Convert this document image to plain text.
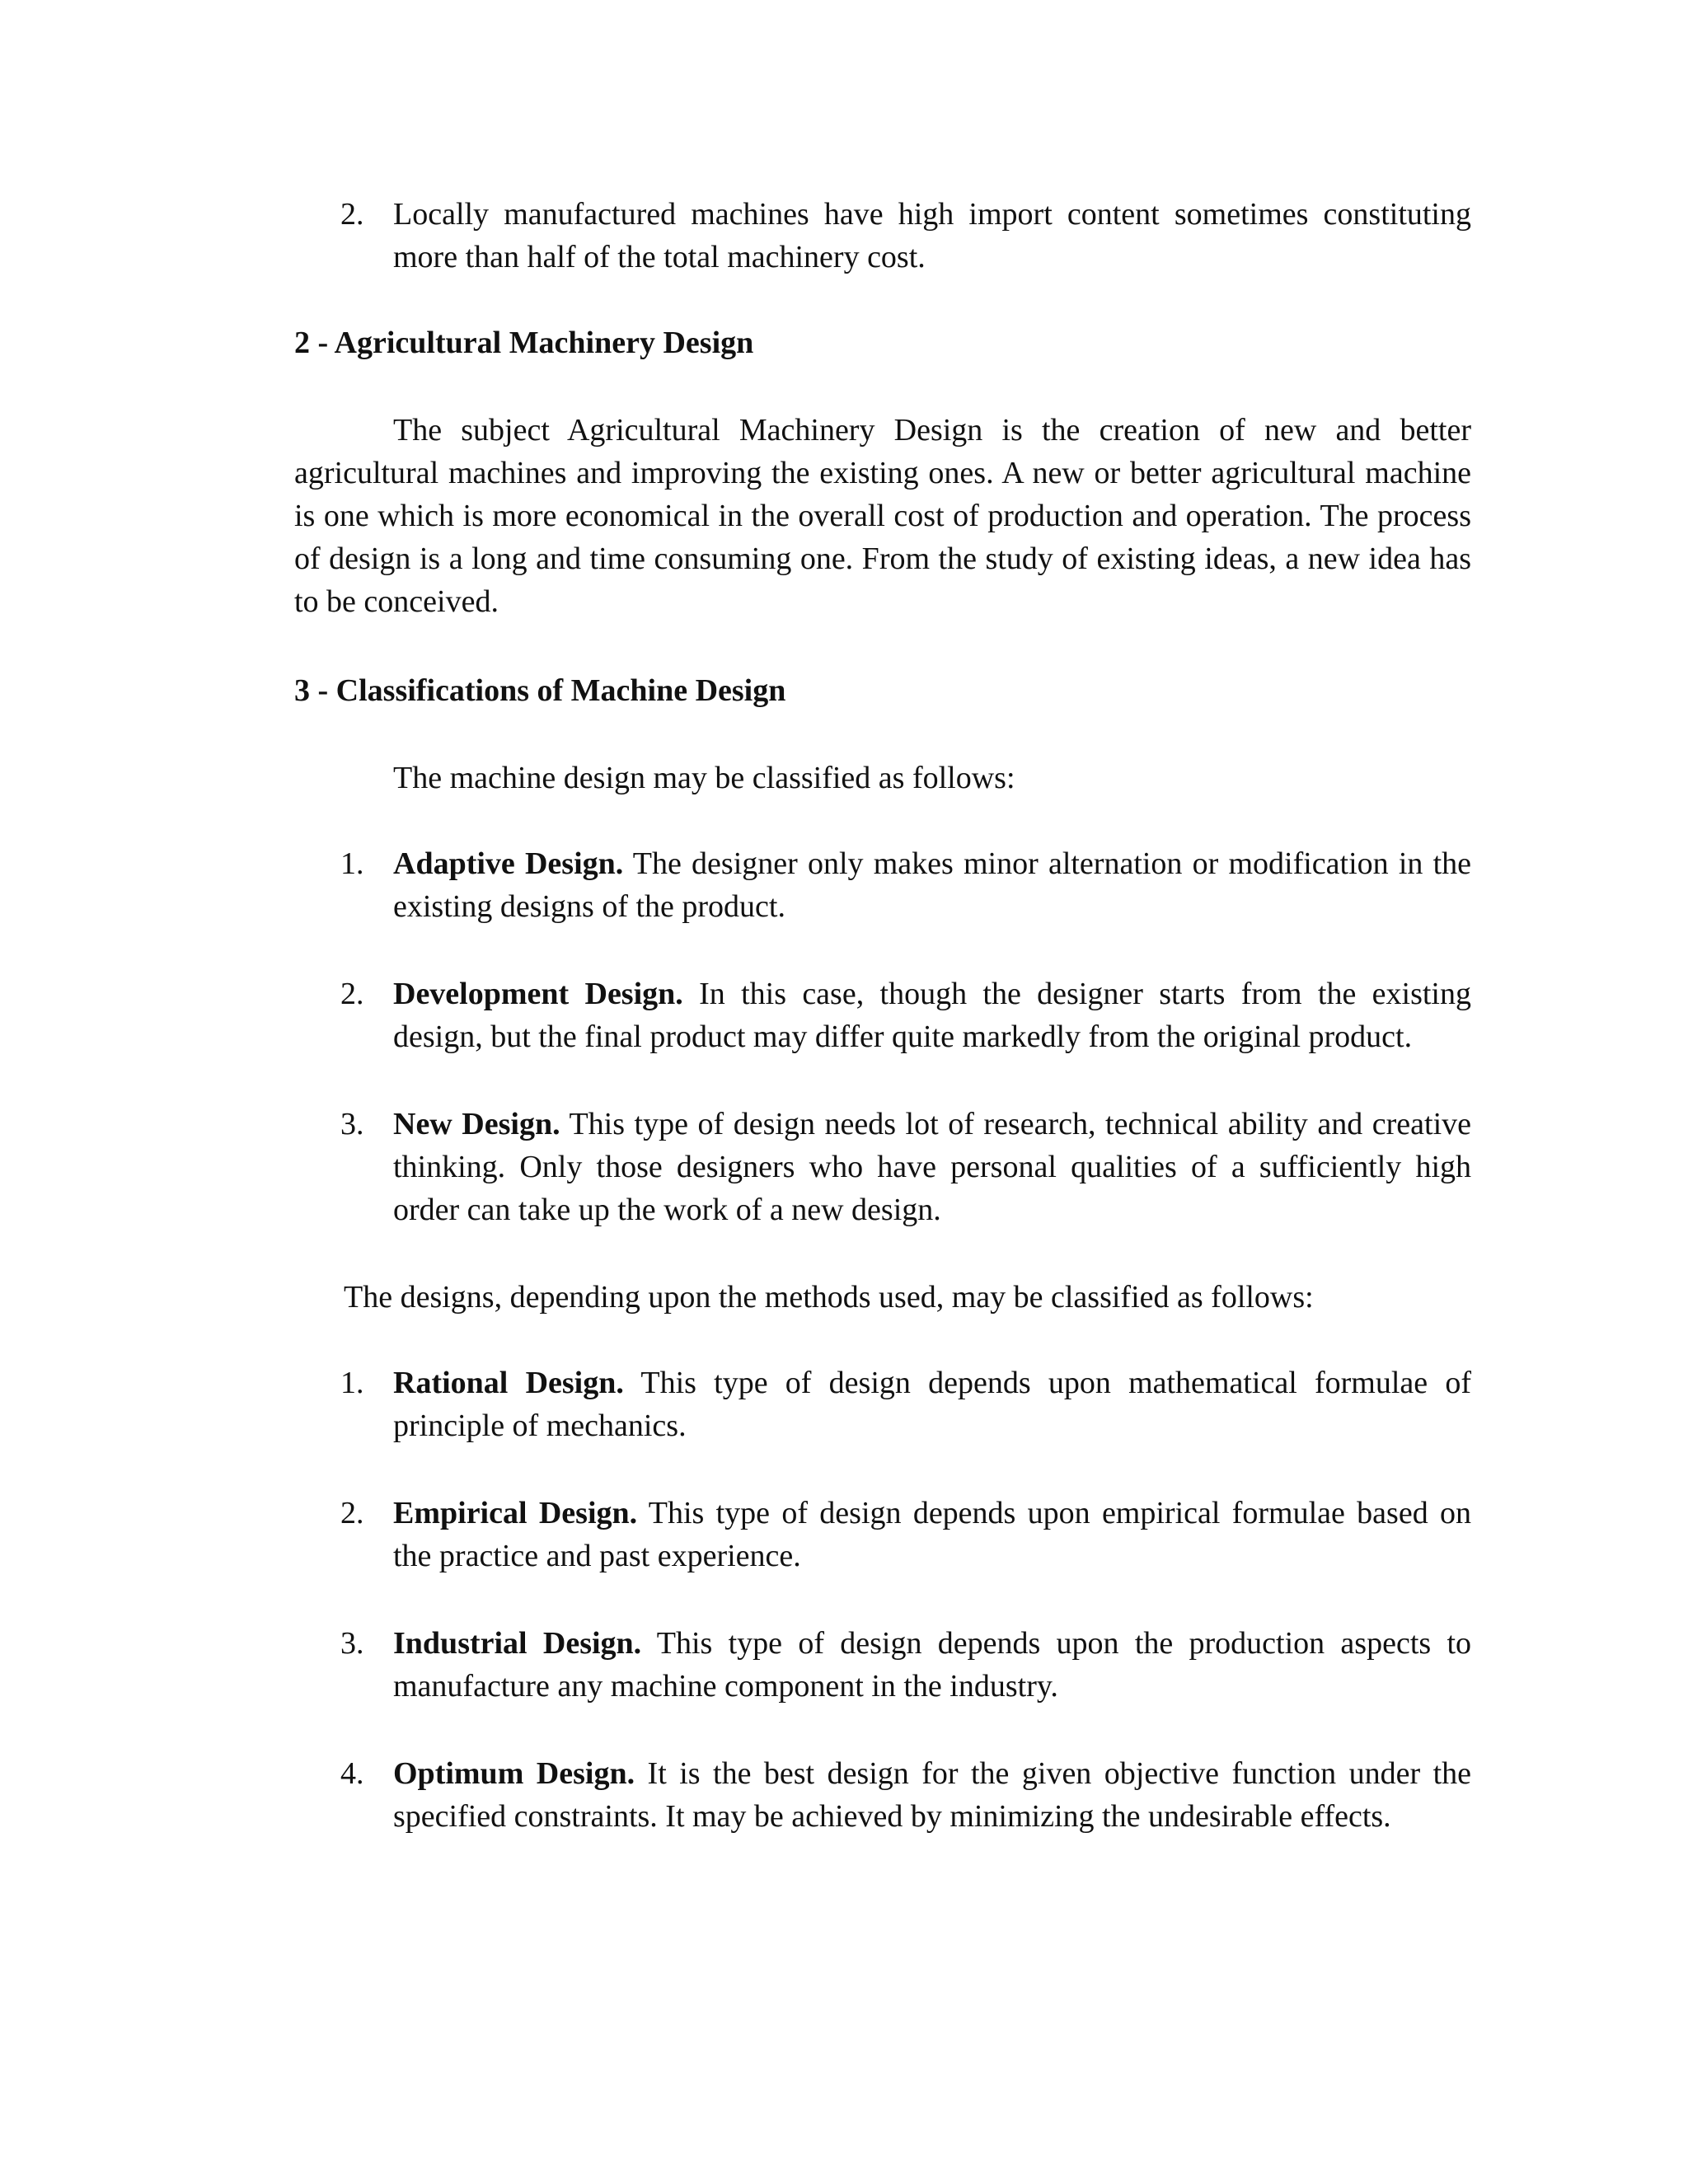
2. Locally manufactured machines have high import content sometimes constituting more than half of the total machinery cost.
2 - Agricultural Machinery Design
The subject Agricultural Machinery Design is the creation of new and better agricultural machines and improving the existing ones. A new or better agricultural machine is one which is more economical in the overall cost of production and operation. The process of design is a long and time consuming one. From the study of existing ideas, a new idea has to be conceived.
3 - Classifications of Machine Design
The machine design may be classified as follows:
1. Adaptive Design. The designer only makes minor alternation or modification in the existing designs of the product.
2. Development Design. In this case, though the designer starts from the existing design, but the final product may differ quite markedly from the original product.
3. New Design. This type of design needs lot of research, technical ability and creative thinking. Only those designers who have personal qualities of a sufficiently high order can take up the work of a new design.
The designs, depending upon the methods used, may be classified as follows:
1. Rational Design. This type of design depends upon mathematical formulae of principle of mechanics.
2. Empirical Design. This type of design depends upon empirical formulae based on the practice and past experience.
3. Industrial Design. This type of design depends upon the production aspects to manufacture any machine component in the industry.
4. Optimum Design. It is the best design for the given objective function under the specified constraints. It may be achieved by minimizing the undesirable effects.
